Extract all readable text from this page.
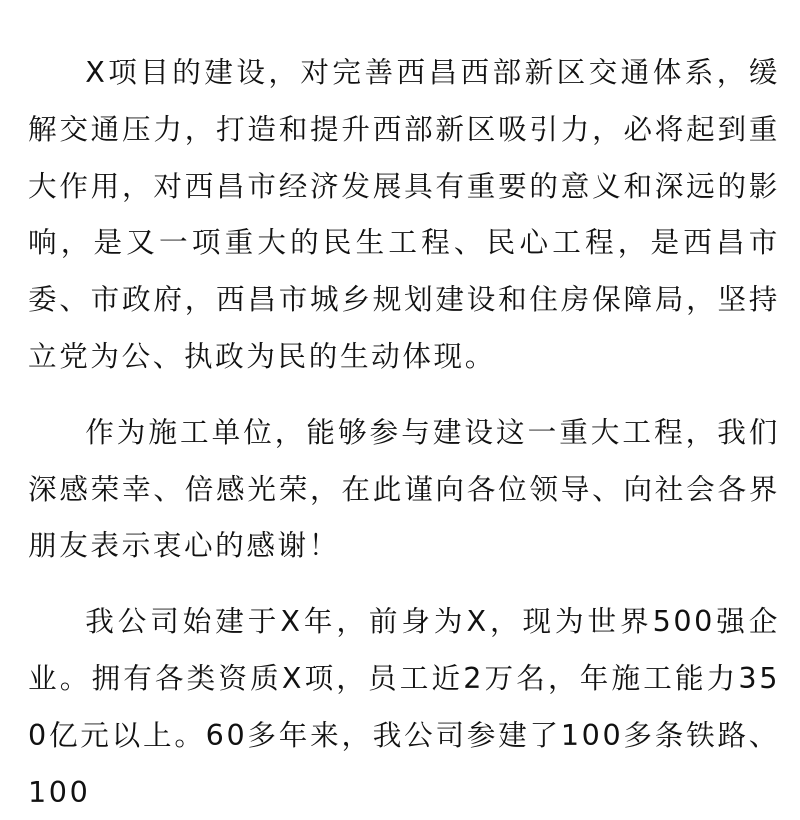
X项目的建设，对完善西昌西部新区交通体系，缓解交通压力，打造和提升西部新区吸引力，必将起到重大作用，对西昌市经济发展具有重要的意义和深远的影响，是又一项重大的民生工程、民心工程，是西昌市委、市政府，西昌市城乡规划建设和住房保障局，坚持立党为公、执政为民的生动体现。

作为施工单位，能够参与建设这一重大工程，我们深感荣幸、倍感光荣，在此谨向各位领导、向社会各界朋友表示衷心的感谢！

我公司始建于X年，前身为X，现为世界500强企业。拥有各类资质X项，员工近2万名，年施工能力350亿元以上。60多年来，我公司参建了100多条铁路、100
